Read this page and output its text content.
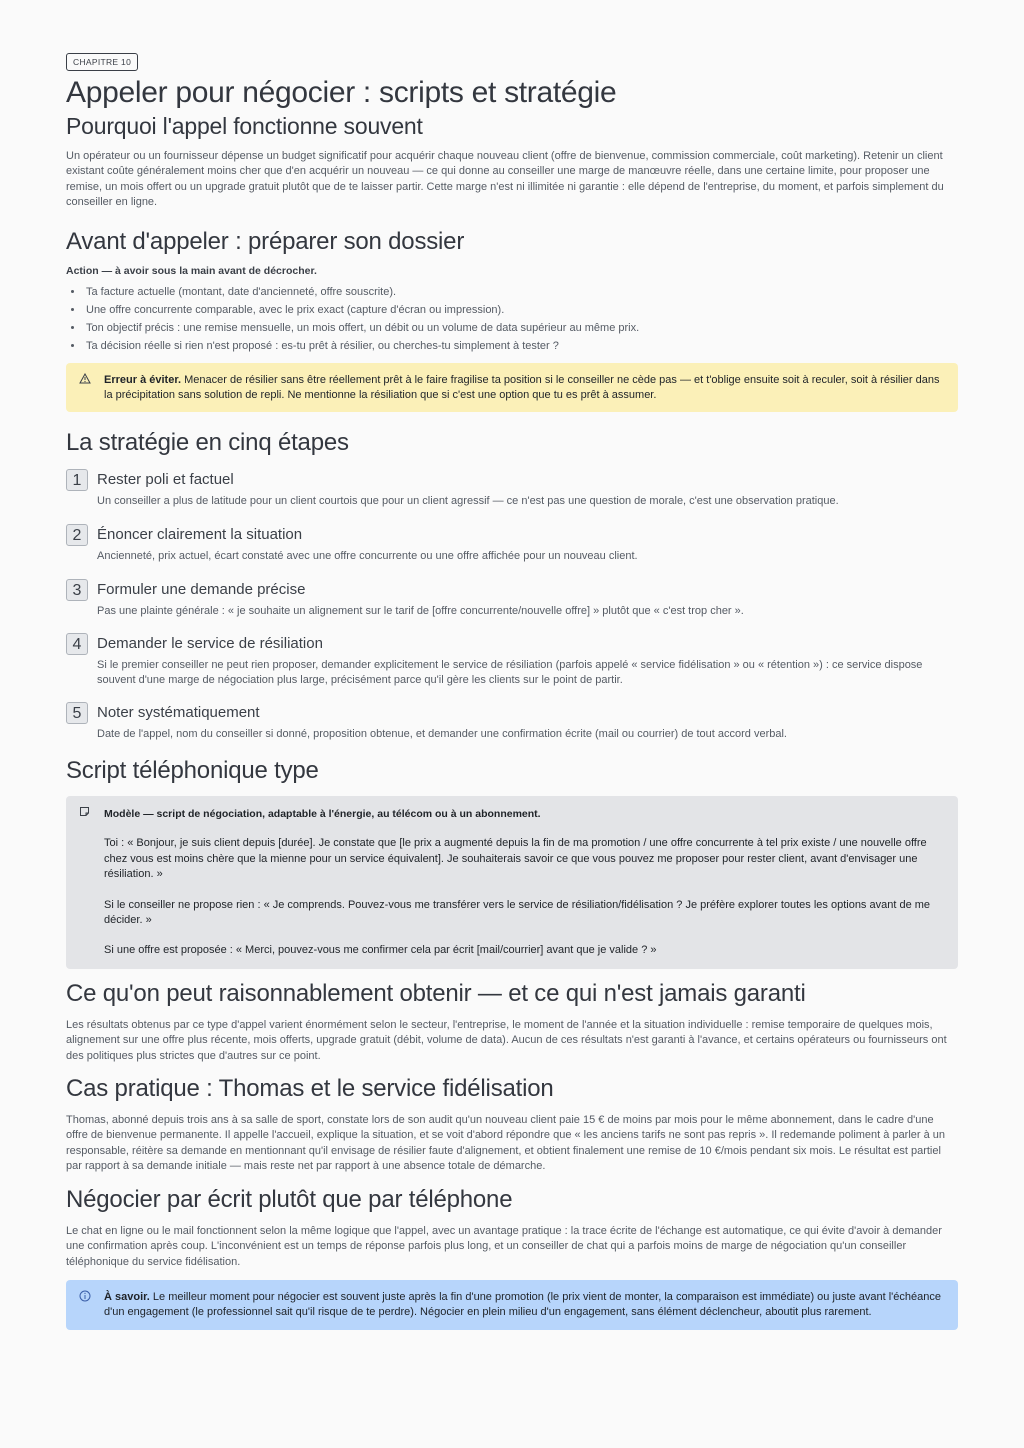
CHAPITRE 10
Appeler pour négocier : scripts et stratégie
Pourquoi l'appel fonctionne souvent

Un opérateur ou un fournisseur dépense un budget significatif pour acquérir chaque nouveau client (offre de bienvenue, commission commerciale, coût marketing). Retenir un client existant coûte généralement moins cher que d'en acquérir un nouveau — ce qui donne au conseiller une marge de manœuvre réelle, dans une certaine limite, pour proposer une remise, un mois offert ou un upgrade gratuit plutôt que de te laisser partir. Cette marge n'est ni illimitée ni garantie : elle dépend de l'entreprise, du moment, et parfois simplement du conseiller en ligne.

Avant d'appeler : préparer son dossier
Action — à avoir sous la main avant de décrocher.
• Ta facture actuelle (montant, date d'ancienneté, offre souscrite).
• Une offre concurrente comparable, avec le prix exact (capture d'écran ou impression).
• Ton objectif précis : une remise mensuelle, un mois offert, un débit ou un volume de data supérieur au même prix.
• Ta décision réelle si rien n'est proposé : es-tu prêt à résilier, ou cherches-tu simplement à tester ?
Erreur à éviter. Menacer de résilier sans être réellement prêt à le faire fragilise ta position si le conseiller ne cède pas — et t'oblige ensuite soit à reculer, soit à résilier dans la précipitation sans solution de repli. Ne mentionne la résiliation que si c'est une option que tu es prêt à assumer.
La stratégie en cinq étapes
1	Rester poli et factuel
Un conseiller a plus de latitude pour un client courtois que pour un client agressif — ce n'est pas une question de morale, c'est une observation pratique.
2	Énoncer clairement la situation
Ancienneté, prix actuel, écart constaté avec une offre concurrente ou une offre affichée pour un nouveau client.
3	Formuler une demande précise
Pas une plainte générale : « je souhaite un alignement sur le tarif de [offre concurrente/nouvelle offre] » plutôt que « c'est trop cher ».
4	Demander le service de résiliation
Si le premier conseiller ne peut rien proposer, demander explicitement le service de résiliation (parfois appelé « service fidélisation » ou « rétention ») : ce service dispose souvent d'une marge de négociation plus large, précisément parce qu'il gère les clients sur le point de partir.
5	Noter systématiquement
Date de l'appel, nom du conseiller si donné, proposition obtenue, et demander une confirmation écrite (mail ou courrier) de tout accord verbal.
Script téléphonique type
Modèle — script de négociation, adaptable à l'énergie, au télécom ou à un abonnement.

Toi : « Bonjour, je suis client depuis [durée]. Je constate que [le prix a augmenté depuis la fin de ma promotion / une offre concurrente à tel prix existe / une nouvelle offre chez vous est moins chère que la mienne pour un service équivalent]. Je souhaiterais savoir ce que vous pouvez me proposer pour rester client, avant d'envisager une résiliation. »

Si le conseiller ne propose rien : « Je comprends. Pouvez-vous me transférer vers le service de résiliation/fidélisation ? Je préfère explorer toutes les options avant de me décider. »

Si une offre est proposée : « Merci, pouvez-vous me confirmer cela par écrit [mail/courrier] avant que je valide ? »

Ce qu'on peut raisonnablement obtenir — et ce qui n'est jamais garanti

Les résultats obtenus par ce type d'appel varient énormément selon le secteur, l'entreprise, le moment de l'année et la situation individuelle : remise temporaire de quelques mois, alignement sur une offre plus récente, mois offerts, upgrade gratuit (débit, volume de data). Aucun de ces résultats n'est garanti à l'avance, et certains opérateurs ou fournisseurs ont des politiques plus strictes que d'autres sur ce point.

Cas pratique : Thomas et le service fidélisation

Thomas, abonné depuis trois ans à sa salle de sport, constate lors de son audit qu'un nouveau client paie 15 € de moins par mois pour le même abonnement, dans le cadre d'une offre de bienvenue permanente. Il appelle l'accueil, explique la situation, et se voit d'abord répondre que « les anciens tarifs ne sont pas repris ». Il redemande poliment à parler à un responsable, réitère sa demande en mentionnant qu'il envisage de résilier faute d'alignement, et obtient finalement une remise de 10 €/mois pendant six mois. Le résultat est partiel par rapport à sa demande initiale — mais reste net par rapport à une absence totale de démarche.

Négocier par écrit plutôt que par téléphone

Le chat en ligne ou le mail fonctionnent selon la même logique que l'appel, avec un avantage pratique : la trace écrite de l'échange est automatique, ce qui évite d'avoir à demander une confirmation après coup. L'inconvénient est un temps de réponse parfois plus long, et un conseiller de chat qui a parfois moins de marge de négociation qu'un conseiller téléphonique du service fidélisation.

À savoir. Le meilleur moment pour négocier est souvent juste après la fin d'une promotion (le prix vient de monter, la comparaison est immédiate) ou juste avant l'échéance d'un engagement (le professionnel sait qu'il risque de te perdre). Négocier en plein milieu d'un engagement, sans élément déclencheur, aboutit plus rarement.
